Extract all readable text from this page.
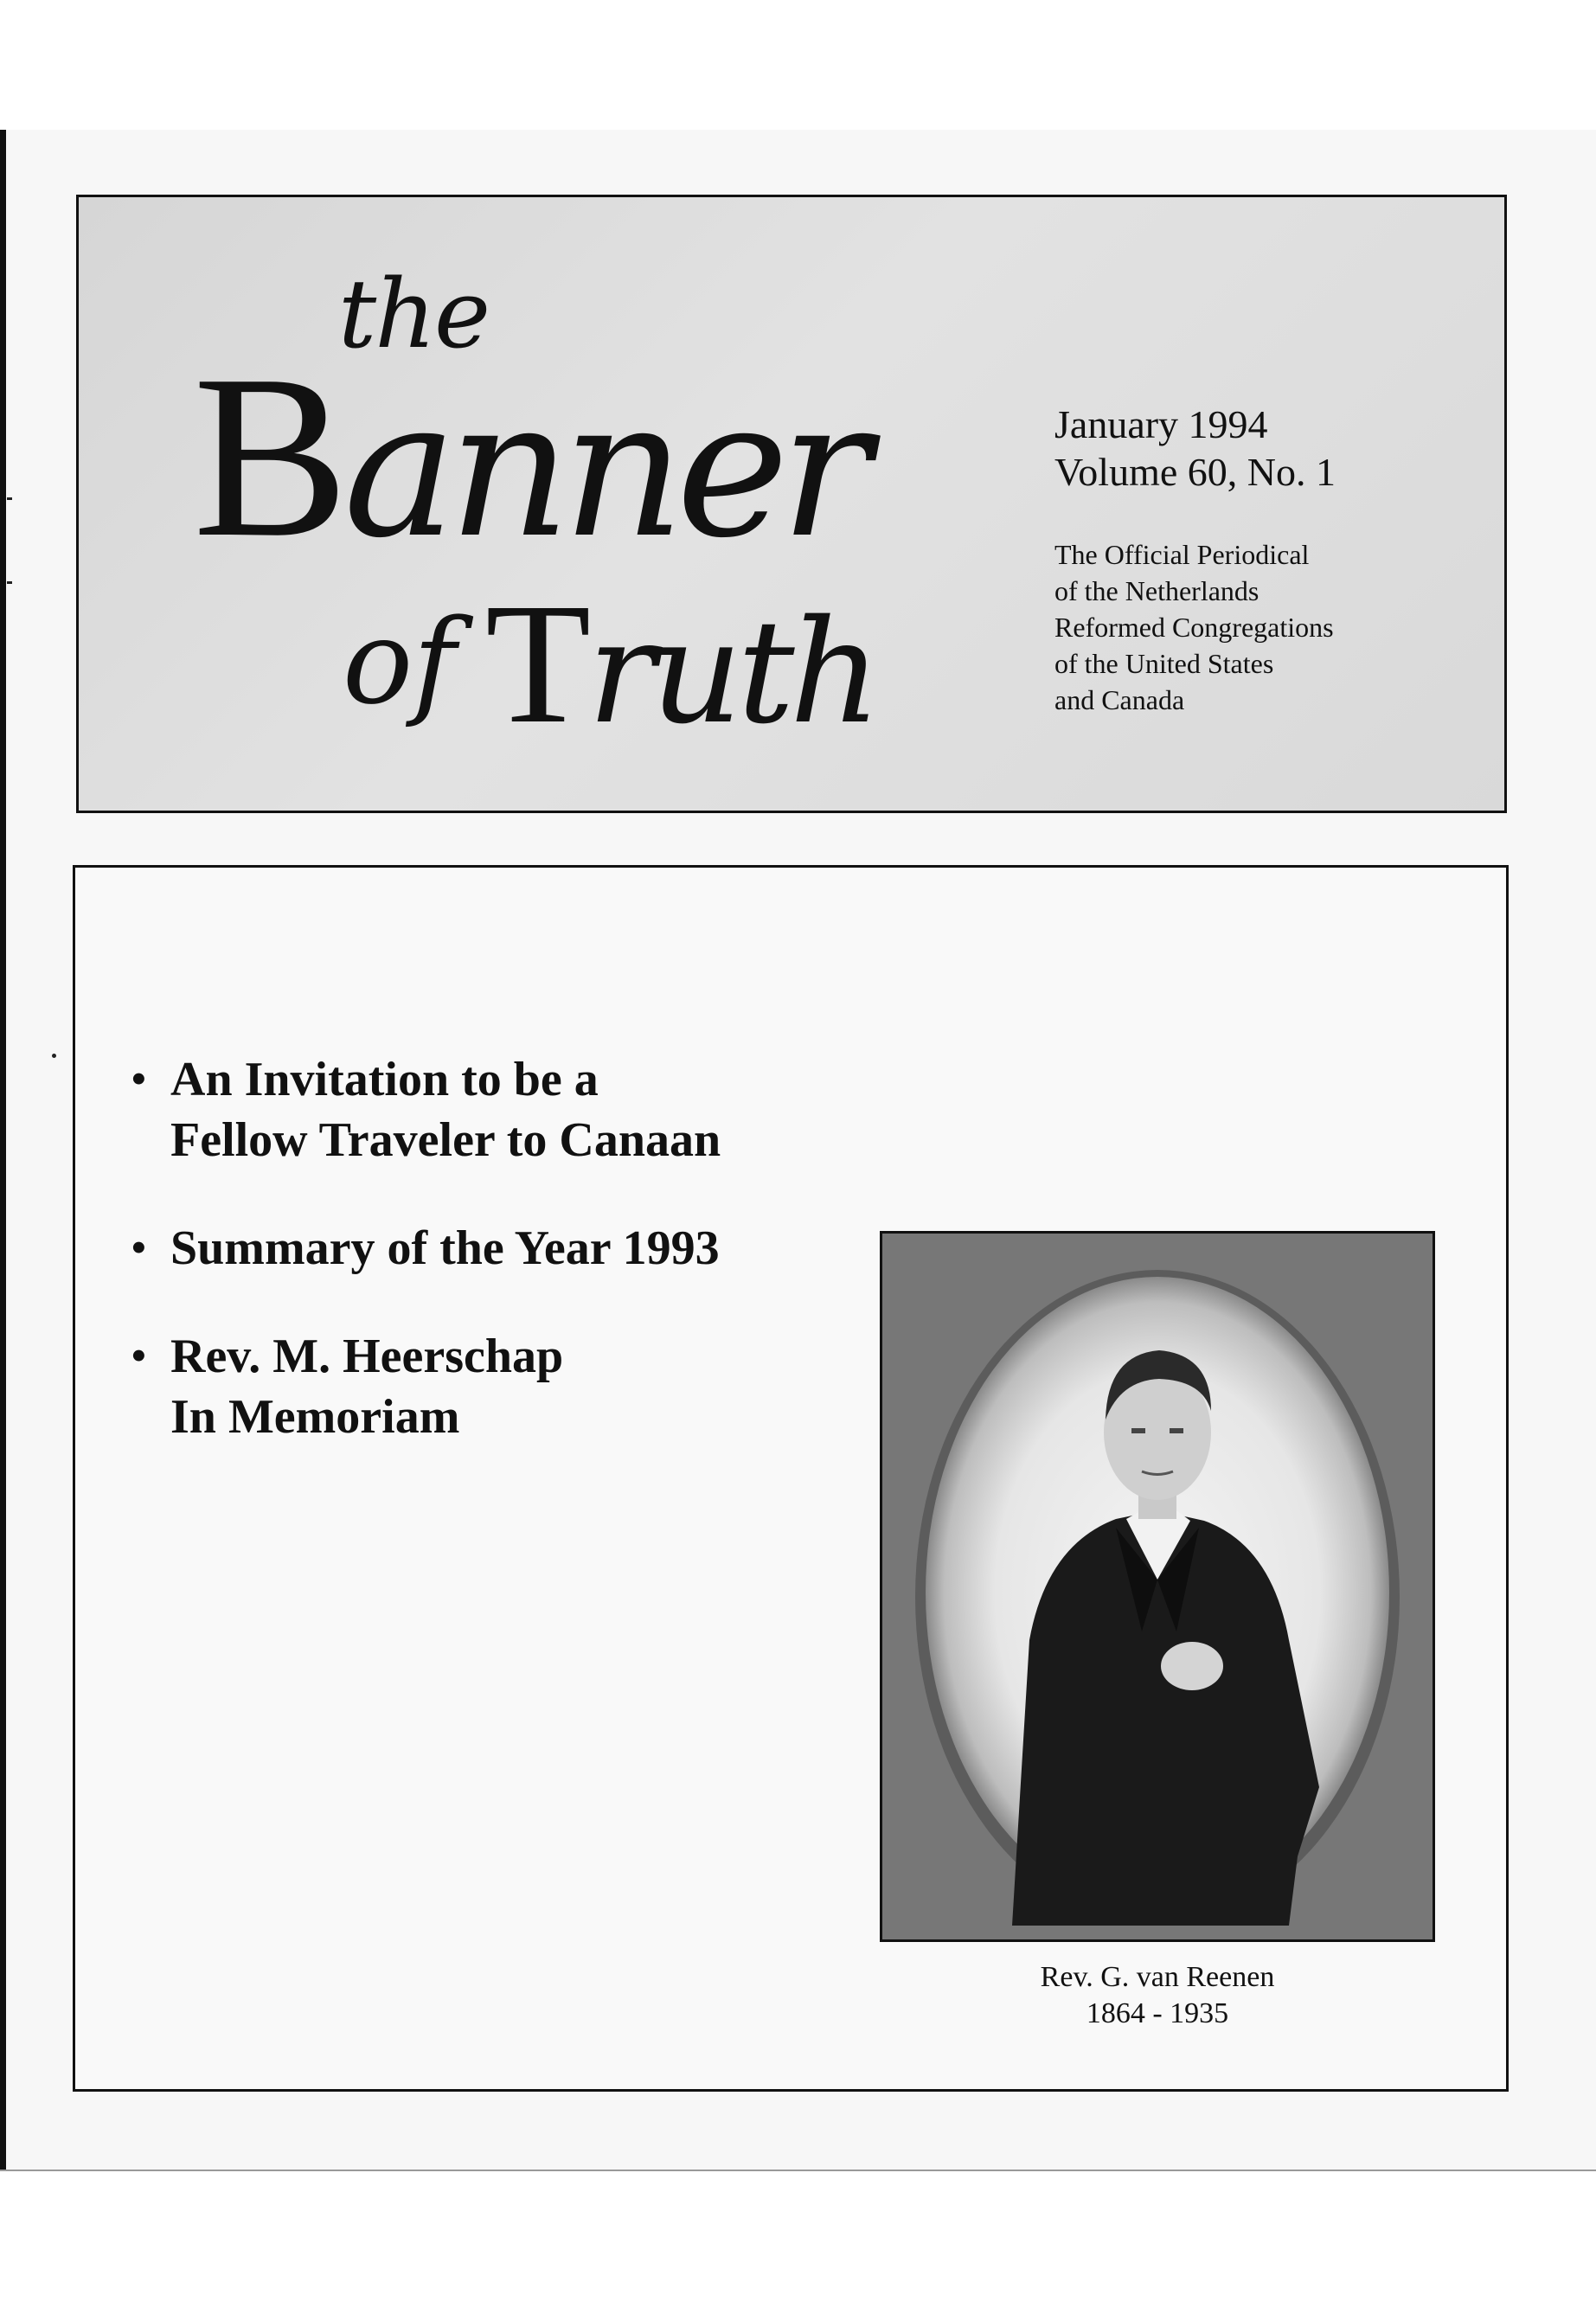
the
Banner
of Truth
January 1994
Volume 60, No. 1
The Official Periodical
of the Netherlands
Reformed Congregations
of the United States
and Canada
• An Invitation to be a
Fellow Traveler to Canaan
• Summary of the Year 1993
• Rev. M. Heerschap
In Memoriam
Rev. G. van Reenen
1864 - 1935
